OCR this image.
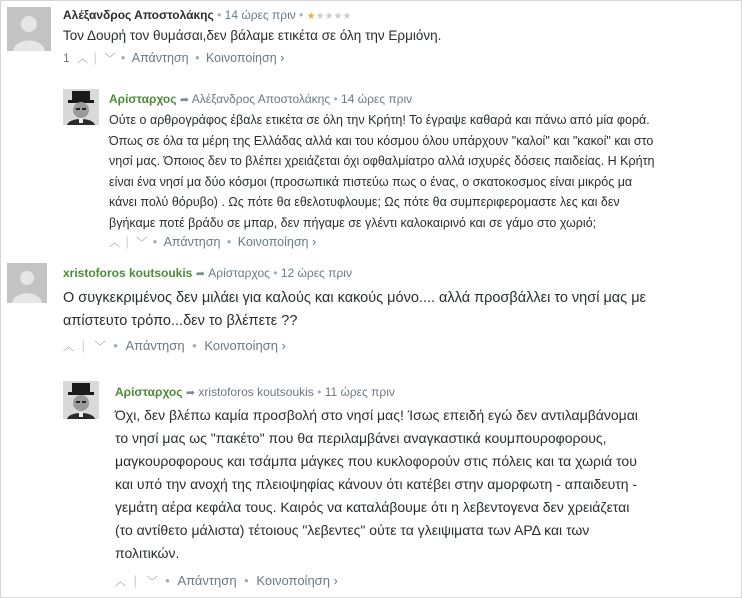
Αλέξανδρος Αποστολάκης • 14 ώρες πριν • ★★★★★
Τον Δουρή τον θυμάσαι,δεν βάλαμε ετικέτα σε όλη την Ερμιόνη.
1 ︿ | ﹀ • Απάντηση • Κοινοποίηση ›
Αρίσταρχος ➦ Αλέξανδρος Αποστολάκης • 14 ώρες πριν
Ούτε ο αρθρογράφος έβαλε ετικέτα σε όλη την Κρήτη! Το έγραψε καθαρά και πάνω από μία φορά.
Όπως σε όλα τα μέρη της Ελλάδας αλλά και του κόσμου όλου υπάρχουν "καλοί" και "κακοί" και στο
νησί μας. Όποιος δεν το βλέπει χρειάζεται όχι οφθαλμίατρο αλλά ισχυρές δόσεις παιδείας. Η Κρήτη
είναι ένα νησί μα δύο κόσμοι (προσωπικά πιστεύω πως ο ένας, ο σκατοκοσμος είναι μικρός μα
κάνει πολύ θόρυβο) . Ως πότε θα εθελοτυφλουμε; Ως πότε θα συμπεριφερομαστε λες και δεν
βγήκαμε ποτέ βράδυ σε μπαρ, δεν πήγαμε σε γλέντι καλοκαιρινό και σε γάμο στο χωριό;
︿ | ﹀ • Απάντηση • Κοινοποίηση ›
xristoforos koutsoukis ➦ Αρίσταρχος • 12 ώρες πριν
Ο συγκεκριμένος δεν μιλάει για καλούς και κακούς μόνο.... αλλά προσβάλλει το νησί μας με
απίστευτο τρόπο...δεν το βλέπετε ??
︿ | ﹀ • Απάντηση • Κοινοποίηση ›
Αρίσταρχος ➦ xristoforos koutsoukis • 11 ώρες πριν
Όχι, δεν βλέπω καμία προσβολή στο νησί μας! Ίσως επειδή εγώ δεν αντιλαμβάνομαι
το νησί μας ως "πακέτο" που θα περιλαμβάνει αναγκαστικά κουμπουροφορους,
μαγκουροφορους και τσάμπα μάγκες που κυκλοφορούν στις πόλεις και τα χωριά του
και υπό την ανοχή της πλειοψηφίας κάνουν ότι κατέβει στην αμορφωτη - απαιδευτη -
γεμάτη αέρα κεφάλα τους. Καιρός να καταλάβουμε ότι η λεβεντογενα δεν χρειάζεται
(το αντίθετο μάλιστα) τέτοιους "λεβεντες" ούτε τα γλειψιματα των ΑΡΔ και των
πολιτικών.
︿ | ﹀ • Απάντηση • Κοινοποίηση ›
